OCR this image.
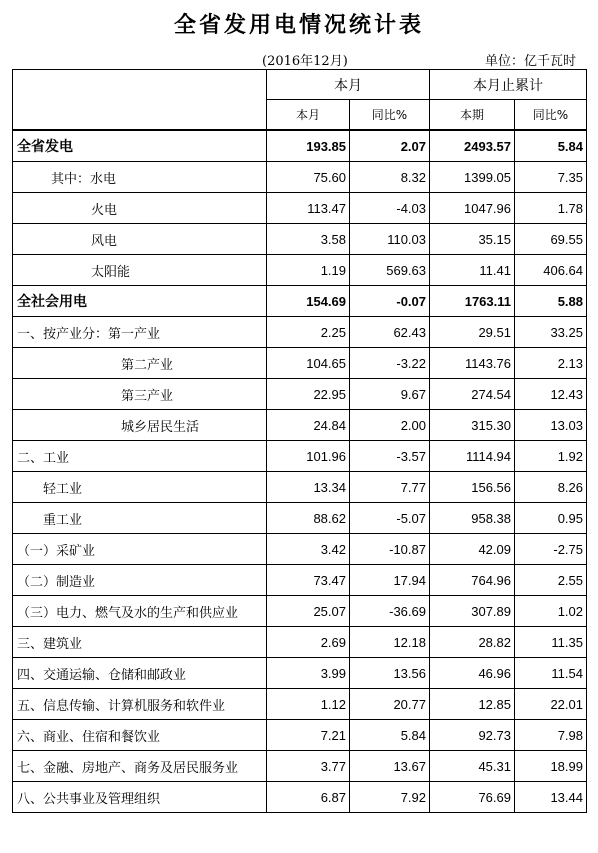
全省发用电情况统计表
(2016年12月)	单位：亿千瓦时
	本月		本月止累计	
	本月	同比%	本期	同比%
全省发电	193.85	2.07	2493.57	5.84
其中：水电	75.60	8.32	1399.05	7.35
火电	113.47	-4.03	1047.96	1.78
风电	3.58	110.03	35.15	69.55
太阳能	1.19	569.63	11.41	406.64
全社会用电	154.69	-0.07	1763.11	5.88
一、按产业分：第一产业	2.25	62.43	29.51	33.25
第二产业	104.65	-3.22	1143.76	2.13
第三产业	22.95	9.67	274.54	12.43
城乡居民生活	24.84	2.00	315.30	13.03
二、工业	101.96	-3.57	1114.94	1.92
轻工业	13.34	7.77	156.56	8.26
重工业	88.62	-5.07	958.38	0.95
（一）采矿业	3.42	-10.87	42.09	-2.75
（二）制造业	73.47	17.94	764.96	2.55
（三）电力、燃气及水的生产和供应业	25.07	-36.69	307.89	1.02
三、建筑业	2.69	12.18	28.82	11.35
四、交通运输、仓储和邮政业	3.99	13.56	46.96	11.54
五、信息传输、计算机服务和软件业	1.12	20.77	12.85	22.01
六、商业、住宿和餐饮业	7.21	5.84	92.73	7.98
七、金融、房地产、商务及居民服务业	3.77	13.67	45.31	18.99
八、公共事业及管理组织	6.87	7.92	76.69	13.44
